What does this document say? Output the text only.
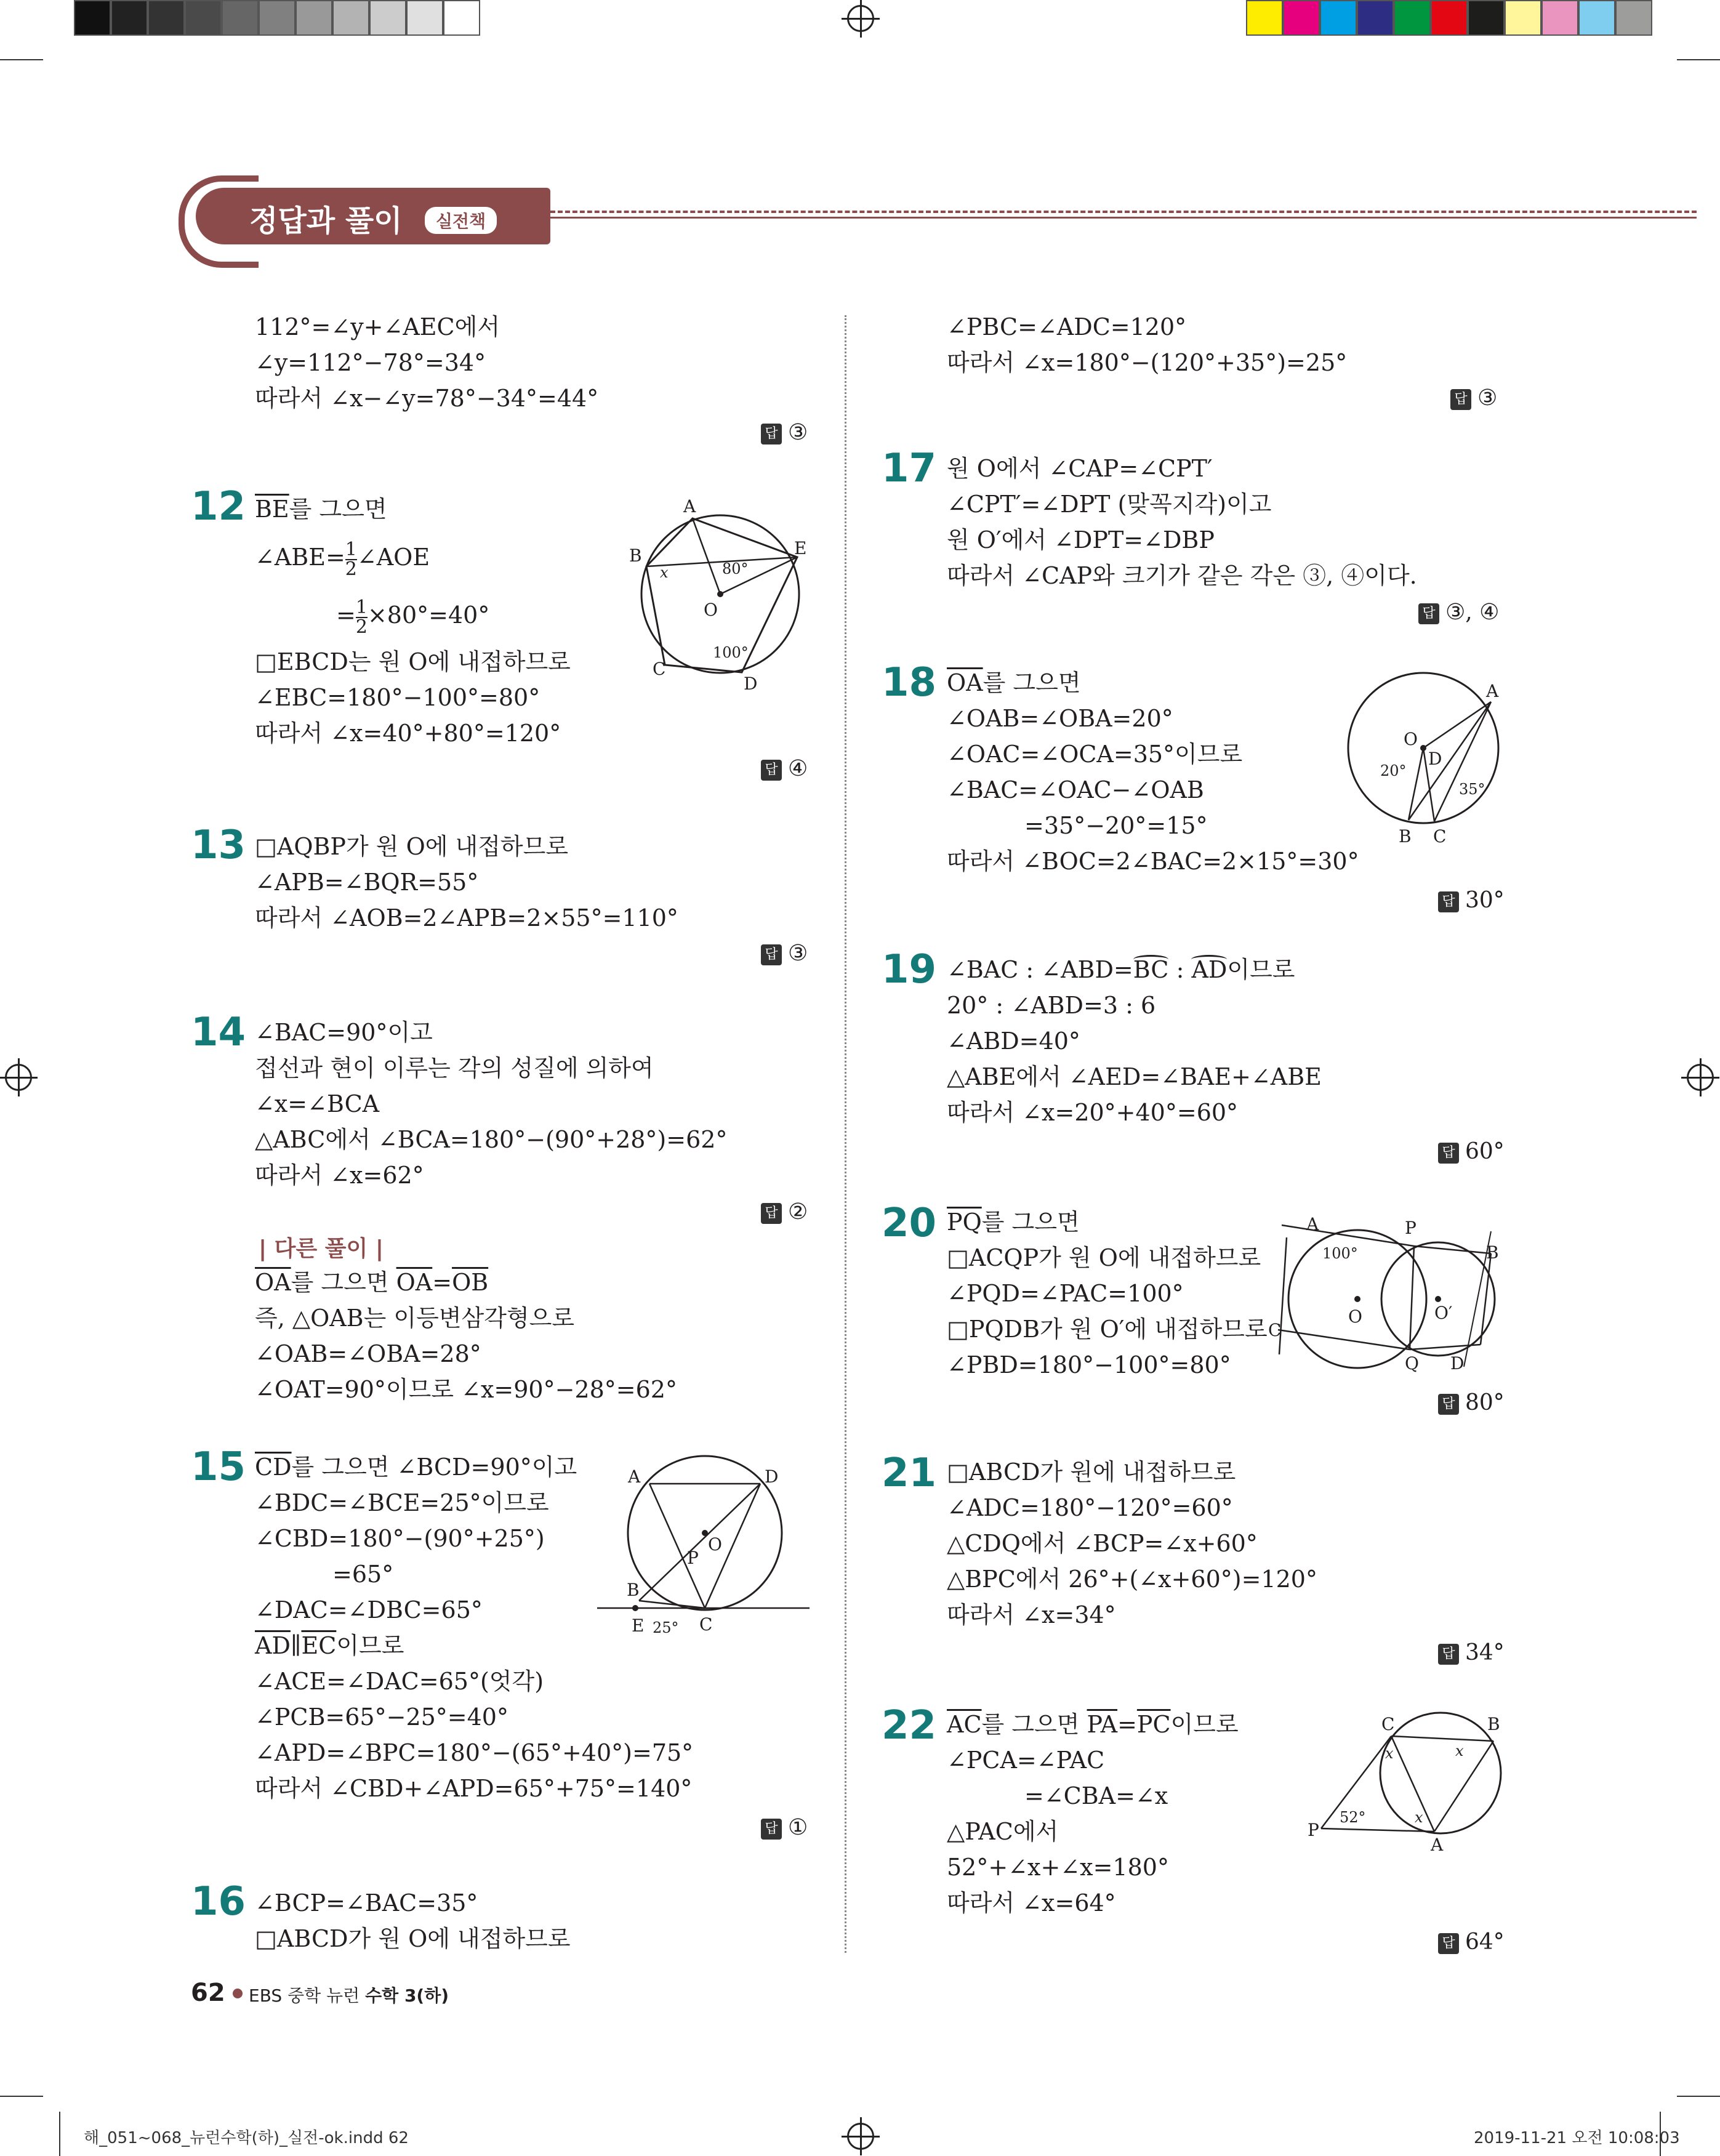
정답과 풀이	실전책
112°=∠y+∠AEC에서
∠y=112°−78°=34°
따라서 ∠x−∠y=78°−34°=44°
답 ③
12 $\overline{BE}$를 그으면
∠ABE= $\frac{1}{2}$ ∠AOE
= $\frac{1}{2} \times 80^\circ=40^\circ$
□EBCD는 원 O에 내접하므로
∠EBC=180°−100°=80°
따라서 ∠x=40°+80°=120°
답 ④
A
B	E
C
D
O
x	80°
100°
13 □AQBP가 원 O에 내접하므로
∠APB=∠BQR=55°
따라서 ∠AOB=2∠APB=2×55°=110°
답 ③
14 ∠BAC=90°이고
접선과 현이 이루는 각의 성질에 의하여
∠x=∠BCA
△ABC에서 ∠BCA=180°−(90°+28°)=62°
따라서 ∠x=62°
답 ②
| 다른 풀이 |
$\overline{OA}$를 그으면 $\overline{OA}=\overline{OB}$
즉, △OAB는 이등변삼각형으로
∠OAB=∠OBA=28°
∠OAT=90°이므로 ∠x=90°−28°=62°
15 $\overline{CD}$를 그으면 ∠BCD=90°이고
∠BDC=∠BCE=25°이므로
∠CBD=180°−(90°+25°)
=65°
∠DAC=∠DBC=65°
$\overline{AD}\parallel\overline{EC}$이므로
∠ACE=∠DAC=65°(엇각)
∠PCB=65°−25°=40°
∠APD=∠BPC=180°−(65°+40°)=75°
따라서 ∠CBD+∠APD=65°+75°=140°
답 ①
A	D
O
P
B
E	C
25°
16 ∠BCP=∠BAC=35°
□ABCD가 원 O에 내접하므로
∠PBC=∠ADC=120°
따라서 ∠x=180°−(120°+35°)=25°
답 ③
17 원 O에서 ∠CAP=∠CPT′
∠CPT′=∠DPT (맞꼭지각)이고
원 O′에서 ∠DPT=∠DBP
따라서 ∠CAP와 크기가 같은 각은 ③, ④이다.
답 ③, ④
18 $\overline{OA}$를 그으면
∠OAB=∠OBA=20°
∠OAC=∠OCA=35°이므로
∠BAC=∠OAC−∠OAB
=35°−20°=15°
따라서 ∠BOC=2∠BAC=2×15°=30°
답 30°
A
O
D
20°
35°
B C
19 ∠BAC : ∠ABD=BC
: AD
이므로
20° : ∠ABD=3 : 6
∠ABD=40°
△ABE에서 ∠AED=∠BAE+∠ABE
따라서 ∠x=20°+40°=60°
답 60°
20 $\overline{PQ}$를 그으면
□ACQP가 원 O에 내접하므로
∠PQD=∠PAC=100°
□PQDB가 원 O′에 내접하므로
∠PBD=180°−100°=80°
답 80°
A	P
B
100°
O	O′
C
Q D
21 □ABCD가 원에 내접하므로
∠ADC=180°−120°=60°
△CDQ에서 ∠BCP=∠x+60°
△BPC에서 26°+(∠x+60°)=120°
따라서 ∠x=34°
답 34°
22 $\overline{AC}$를 그으면 $\overline{PA}=\overline{PC}$이므로
∠PCA=∠PAC
=∠CBA=∠x
△PAC에서
52°+∠x+∠x=180°
따라서 ∠x=64°
답 64°
C	B
x	x
x
52°
P
A
62 EBS 중학 뉴런 수학 3(하)
해_051~068_뉴런수학(하)_실전-ok.indd 62	2019-11-21 오전 10:08:03
